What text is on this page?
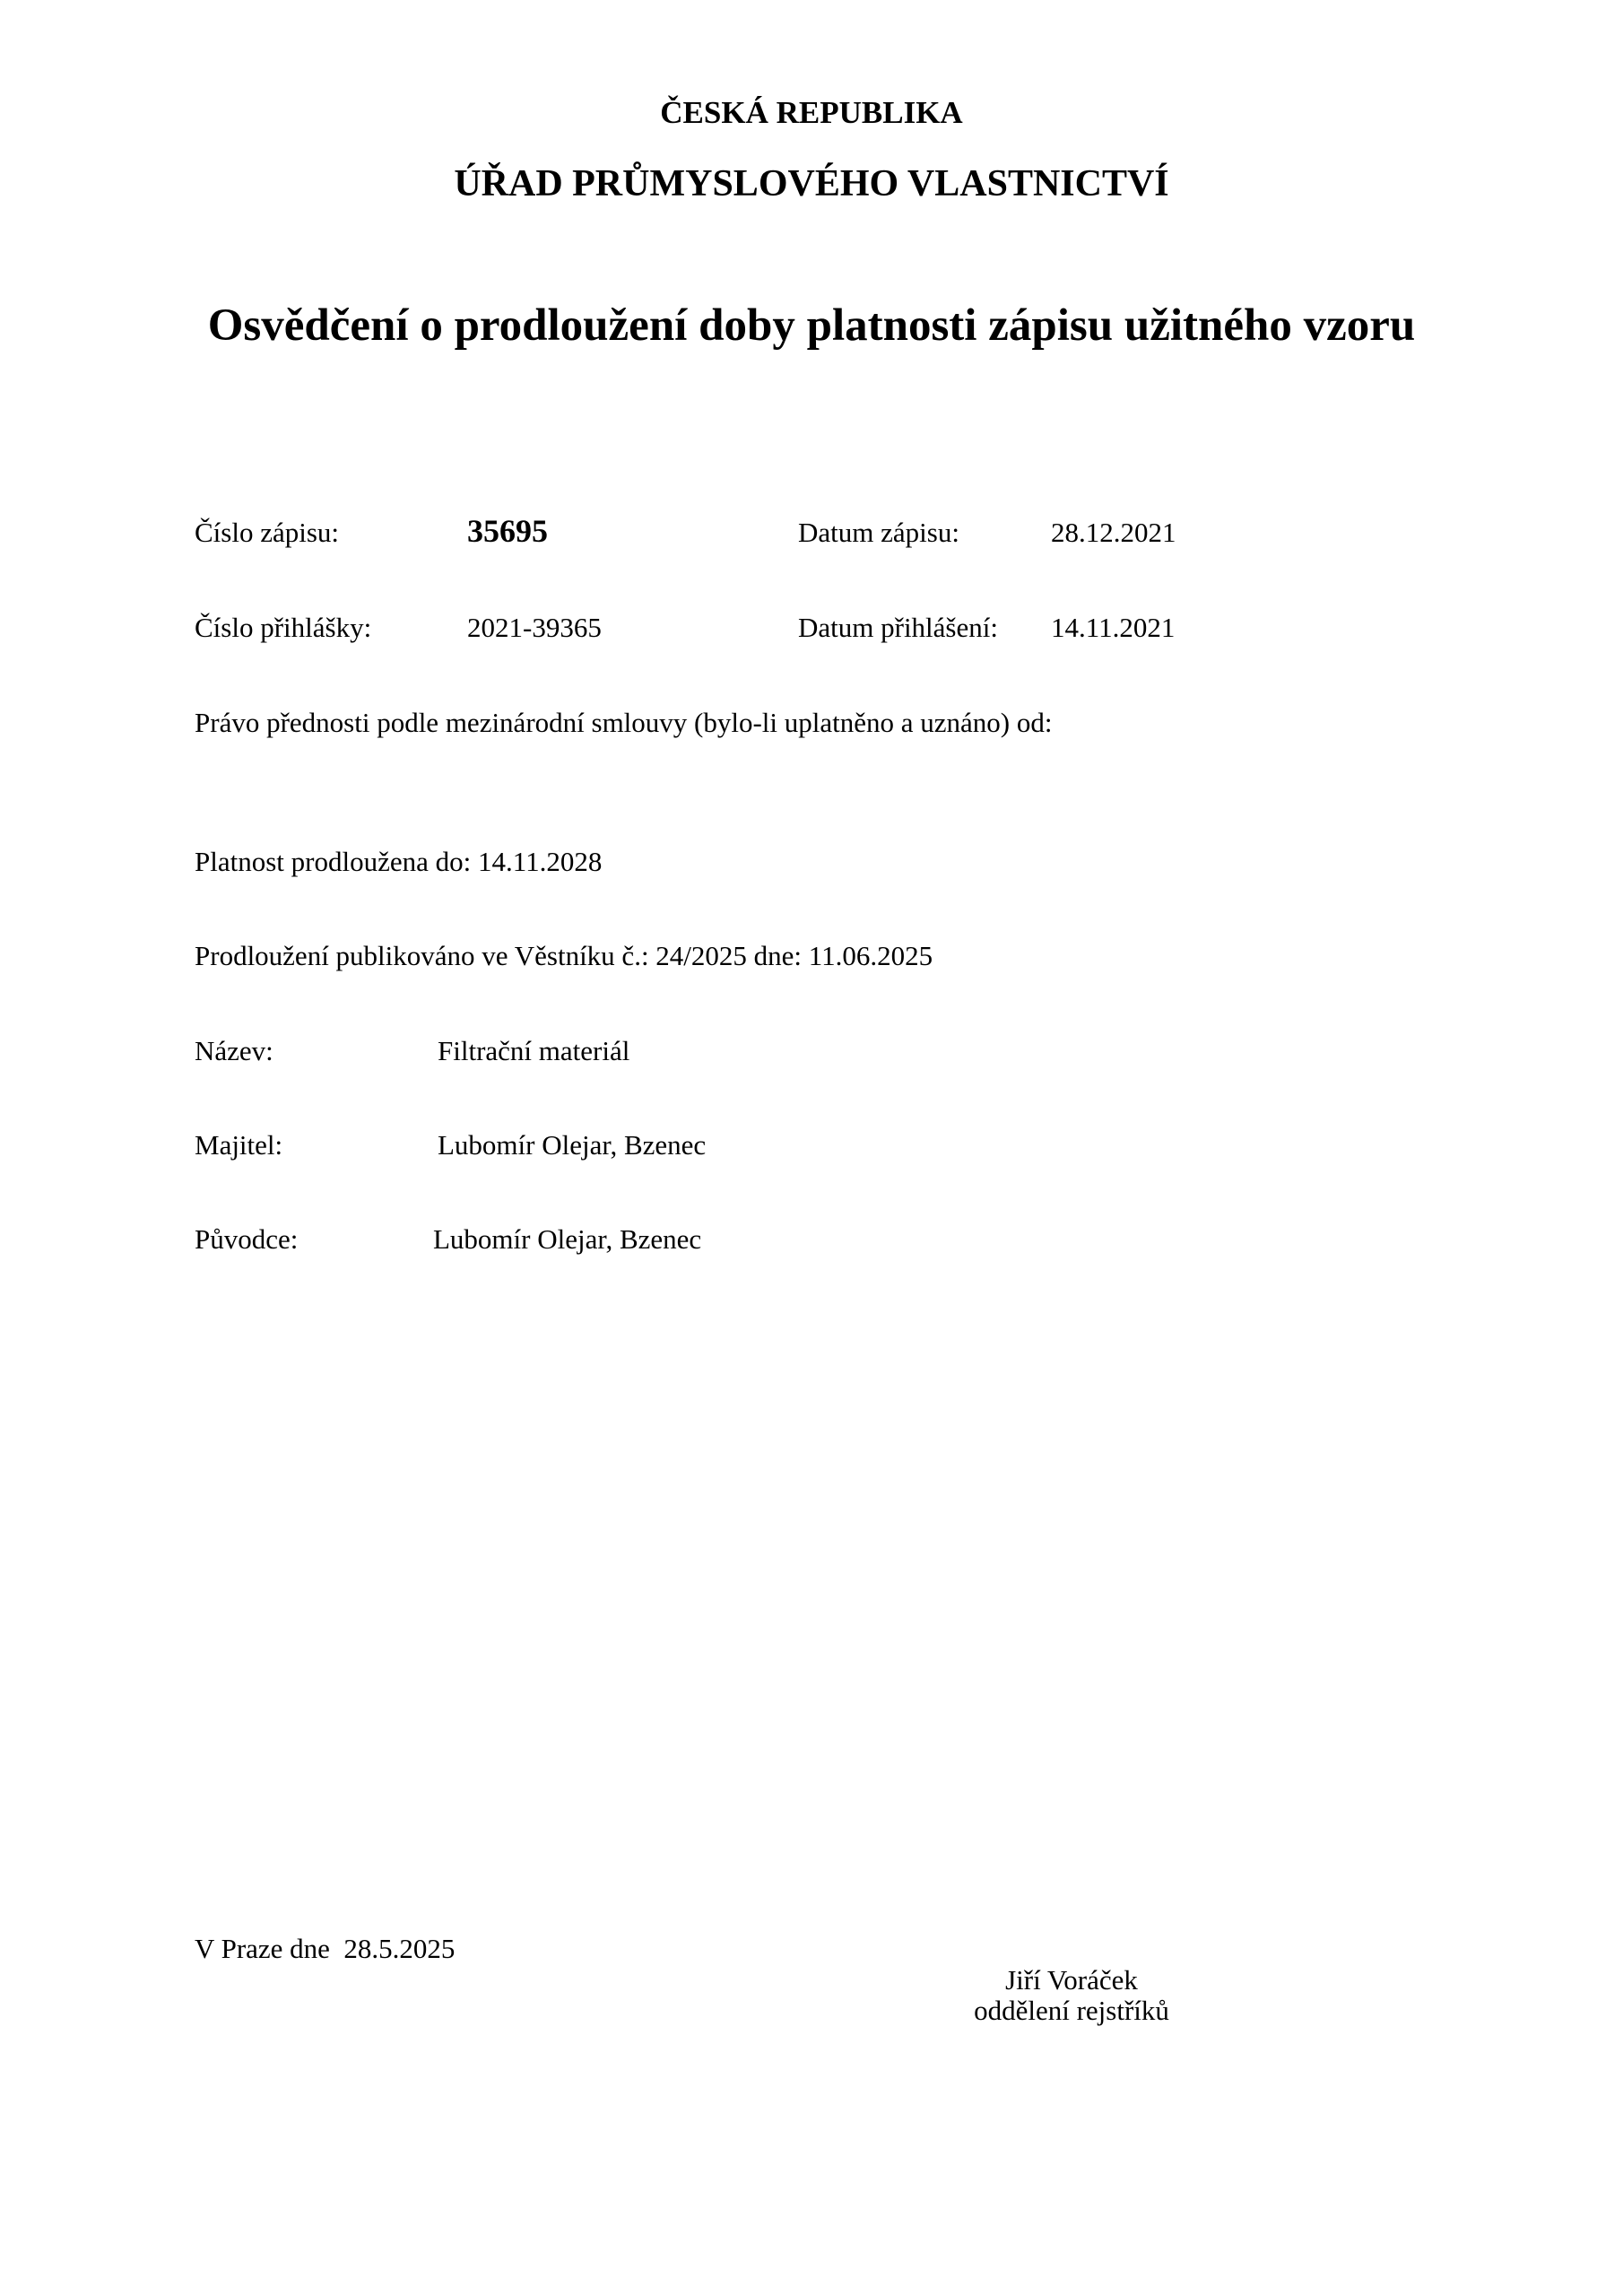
ČESKÁ REPUBLIKA
ÚŘAD PRŮMYSLOVÉHO VLASTNICTVÍ
Osvědčení o prodloužení doby platnosti zápisu užitného vzoru
Číslo zápisu:	35695	Datum zápisu:	28.12.2021
Číslo přihlášky:	2021-39365	Datum přihlášení: 14.11.2021
Právo přednosti podle mezinárodní smlouvy (bylo-li uplatněno a uznáno) od:
Platnost prodloužena do: 14.11.2028
Prodloužení publikováno ve Věstníku č.: 24/2025 dne: 11.06.2025
Název:	Filtrační materiál
Majitel:	Lubomír Olejar, Bzenec
Původce:	Lubomír Olejar, Bzenec
V Praze dne  28.5.2025
Jiří Voráček
oddělení rejstříků
